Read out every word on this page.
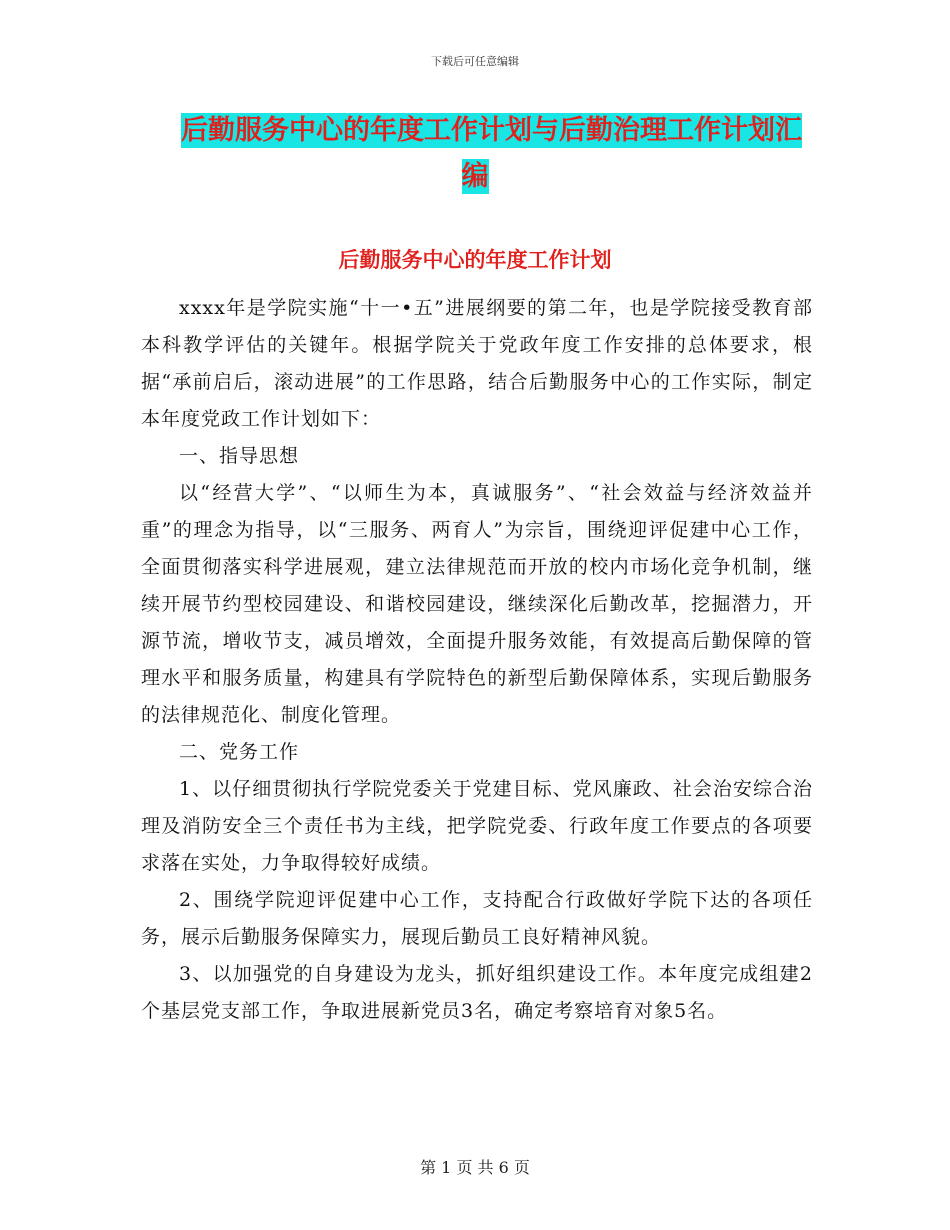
下载后可任意编辑
后勤服务中心的年度工作计划与后勤治理工作计划汇
编
后勤服务中心的年度工作计划

xxxx年是学院实施“十一•五”进展纲要的第二年，也是学院接受教育部本科教学评估的关键年。根据学院关于党政年度工作安排的总体要求，根据“承前启后，滚动进展”的工作思路，结合后勤服务中心的工作实际，制定本年度党政工作计划如下：

一、指导思想

以“经营大学”、“以师生为本，真诚服务”、“社会效益与经济效益并重”的理念为指导，以“三服务、两育人”为宗旨，围绕迎评促建中心工作，全面贯彻落实科学进展观，建立法律规范而开放的校内市场化竞争机制，继续开展节约型校园建设、和谐校园建设，继续深化后勤改革，挖掘潜力，开源节流，增收节支，减员增效，全面提升服务效能，有效提高后勤保障的管理水平和服务质量，构建具有学院特色的新型后勤保障体系，实现后勤服务的法律规范化、制度化管理。

二、党务工作

1、以仔细贯彻执行学院党委关于党建目标、党风廉政、社会治安综合治理及消防安全三个责任书为主线，把学院党委、行政年度工作要点的各项要求落在实处，力争取得较好成绩。

2、围绕学院迎评促建中心工作，支持配合行政做好学院下达的各项任务，展示后勤服务保障实力，展现后勤员工良好精神风貌。

3、以加强党的自身建设为龙头，抓好组织建设工作。本年度完成组建2个基层党支部工作，争取进展新党员3名，确定考察培育对象5名。

第 1 页 共 6 页
